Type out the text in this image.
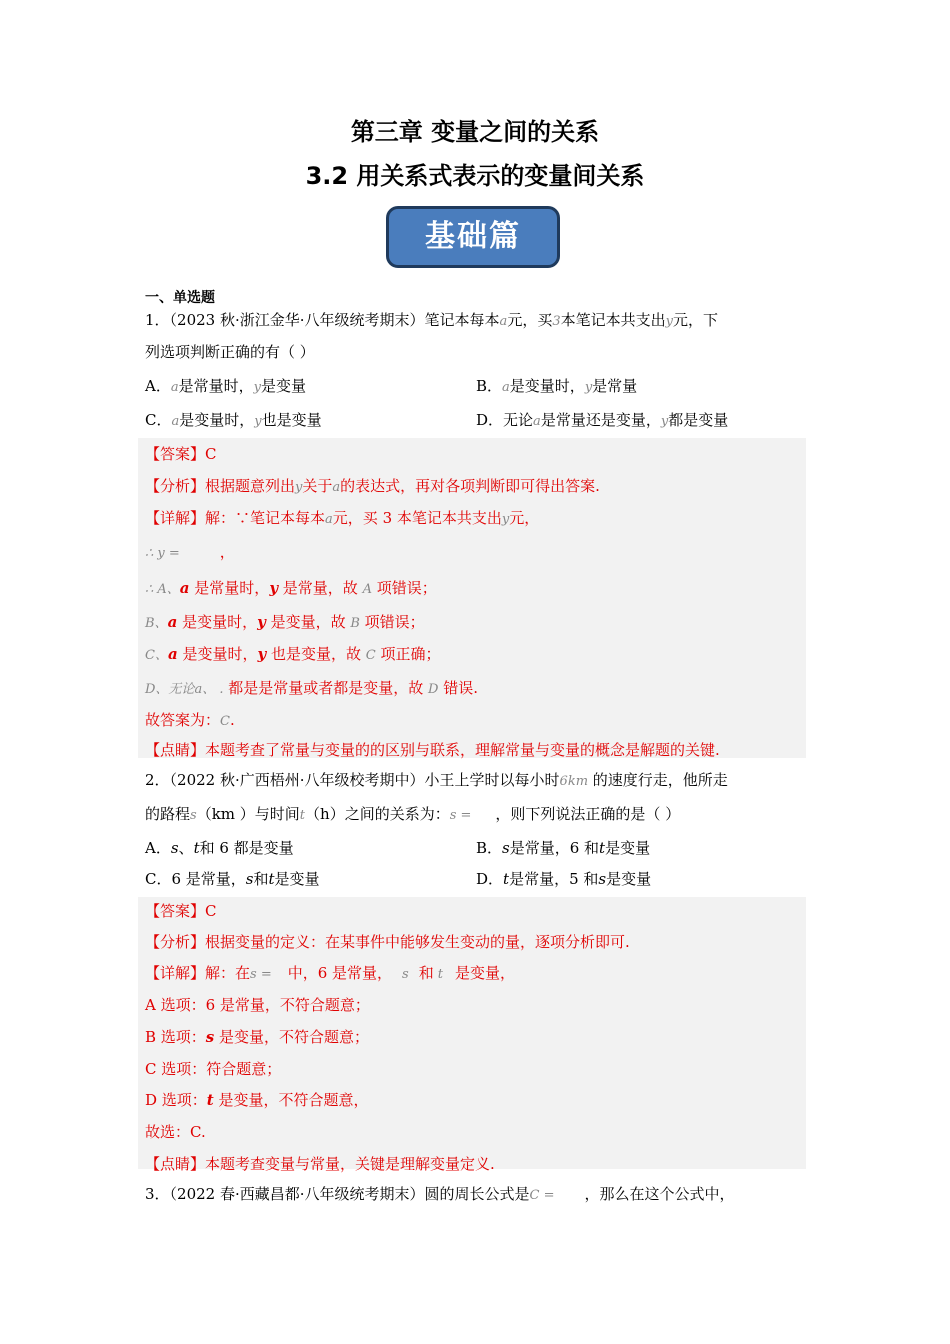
第三章 变量之间的关系
3.2 用关系式表示的变量间关系
基础篇
一、单选题
1．（2023 秋·浙江金华·八年级统考期末）笔记本每本a元，买3本笔记本共支出y元，下
列选项判断正确的有（ ）
A．a是常量时，y是变量	B．a是变量时，y是常量
C．a是变量时，y也是变量	D．无论a是常量还是变量，y都是变量
【答案】C
【分析】根据题意列出y关于a的表达式，再对各项判断即可得出答案.
【详解】解：∵笔记本每本a元，买 3 本笔记本共支出y元，
∴ y =	，
∴ A、a 是常量时，y 是常量，故 A 项错误；
B、a 是变量时，y 是变量，故 B 项错误；
C、a 是变量时，y 也是变量，故 C 项正确；
D、无论a、 . 都是是常量或者都是变量，故 D 错误.
故答案为：C.
【点睛】本题考查了常量与变量的的区别与联系，理解常量与变量的概念是解题的关键.
2．（2022 秋·广西梧州·八年级校考期中）小王上学时以每小时6km 的速度行走，他所走
的路程s（km ）与时间t（h）之间的关系为：s = ，则下列说法正确的是（ ）
A．s、t和 6 都是变量	B．s是常量，6 和t是变量
C．6 是常量，s和t是变量	D．t是常量，5 和s是变量
【答案】C
【分析】根据变量的定义：在某事件中能够发生变动的量，逐项分析即可.
【详解】解：在s = 中，6 是常量， s 和 t 是变量，
A 选项：6 是常量，不符合题意；
B 选项：s 是变量，不符合题意；
C 选项：符合题意；
D 选项：t 是变量，不符合题意，
故选：C.
【点睛】本题考查变量与常量，关键是理解变量定义.
3．（2022 春·西藏昌都·八年级统考期末）圆的周长公式是C = ，那么在这个公式中，
